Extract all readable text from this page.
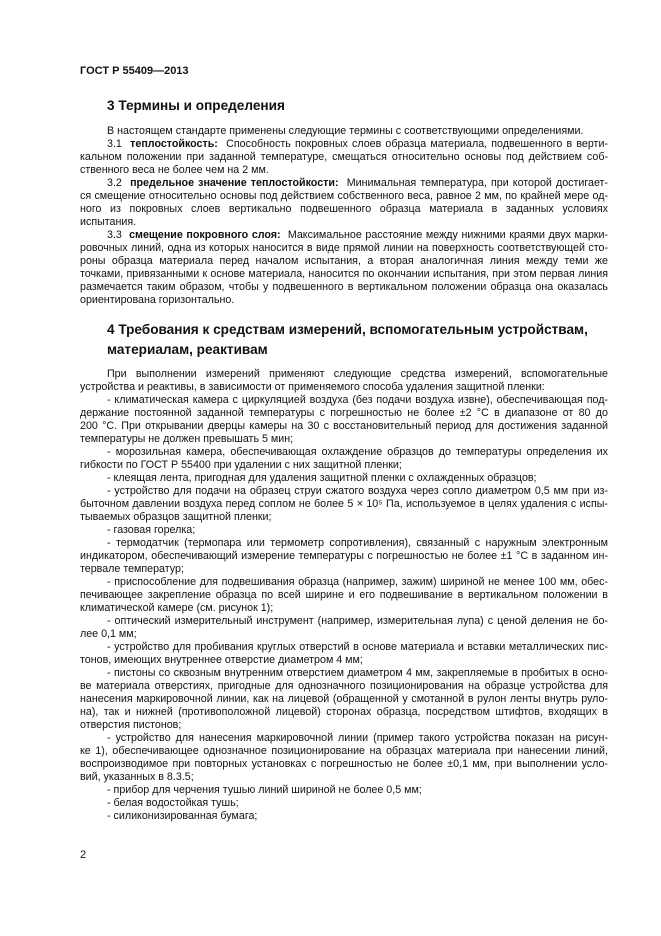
ГОСТ Р 55409—2013
3 Термины и определения
В настоящем стандарте применены следующие термины с соответствующими определениями.
3.1 теплостойкость: Способность покровных слоев образца материала, подвешенного в верти-
кальном положении при заданной температуре, смещаться относительно основы под действием соб-
ственного веса не более чем на 2 мм.
3.2 предельное значение теплостойкости: Минимальная температура, при которой достигает-
ся смещение относительно основы под действием собственного веса, равное 2 мм, по крайней мере од-
ного из покровных слоев вертикально подвешенного образца материала в заданных условиях
испытания.
3.3 смещение покровного слоя: Максимальное расстояние между нижними краями двух марки-
ровочных линий, одна из которых наносится в виде прямой линии на поверхность соответствующей сто-
роны образца материала перед началом испытания, а вторая аналогичная линия между теми же
точками, привязанными к основе материала, наносится по окончании испытания, при этом первая линия
размечается таким образом, чтобы у подвешенного в вертикальном положении образца она оказалась
ориентирована горизонтально.
4 Требования к средствам измерений, вспомогательным устройствам,
материалам, реактивам
При выполнении измерений применяют следующие средства измерений, вспомогательные
устройства и реактивы, в зависимости от применяемого способа удаления защитной пленки:
- климатическая камера с циркуляцией воздуха (без подачи воздуха извне), обеспечивающая под-
держание постоянной заданной температуры с погрешностью не более ±2 °С в диапазоне от 80 до
200 °С. При открывании дверцы камеры на 30 с восстановительный период для достижения заданной
температуры не должен превышать 5 мин;
- морозильная камера, обеспечивающая охлаждение образцов до температуры определения их
гибкости по ГОСТ Р 55400 при удалении с них защитной пленки;
- клеящая лента, пригодная для удаления защитной пленки с охлажденных образцов;
- устройство для подачи на образец струи сжатого воздуха через сопло диаметром 0,5 мм при из-
быточном давлении воздуха перед соплом не более 5 × 10⁵ Па, используемое в целях удаления с испы-
тываемых образцов защитной пленки;
- газовая горелка;
- термодатчик (термопара или термометр сопротивления), связанный с наружным электронным
индикатором, обеспечивающий измерение температуры с погрешностью не более ±1 °С в заданном ин-
тервале температур;
- приспособление для подвешивания образца (например, зажим) шириной не менее 100 мм, обес-
печивающее закрепление образца по всей ширине и его подвешивание в вертикальном положении в
климатической камере (см. рисунок 1);
- оптический измерительный инструмент (например, измерительная лупа) с ценой деления не бо-
лее 0,1 мм;
- устройство для пробивания круглых отверстий в основе материала и вставки металлических пис-
тонов, имеющих внутреннее отверстие диаметром 4 мм;
- пистоны со сквозным внутренним отверстием диаметром 4 мм, закрепляемые в пробитых в осно-
ве материала отверстиях, пригодные для однозначного позиционирования на образце устройства для
нанесения маркировочной линии, как на лицевой (обращенной у смотанной в рулон ленты внутрь руло-
на), так и нижней (противоположной лицевой) сторонах образца, посредством штифтов, входящих в
отверстия пистонов;
- устройство для нанесения маркировочной линии (пример такого устройства показан на рисун-
ке 1), обеспечивающее однозначное позиционирование на образцах материала при нанесении линий,
воспроизводимое при повторных установках с погрешностью не более ±0,1 мм, при выполнении усло-
вий, указанных в 8.3.5;
- прибор для черчения тушью линий шириной не более 0,5 мм;
- белая водостойкая тушь;
- силиконизированная бумага;
2
